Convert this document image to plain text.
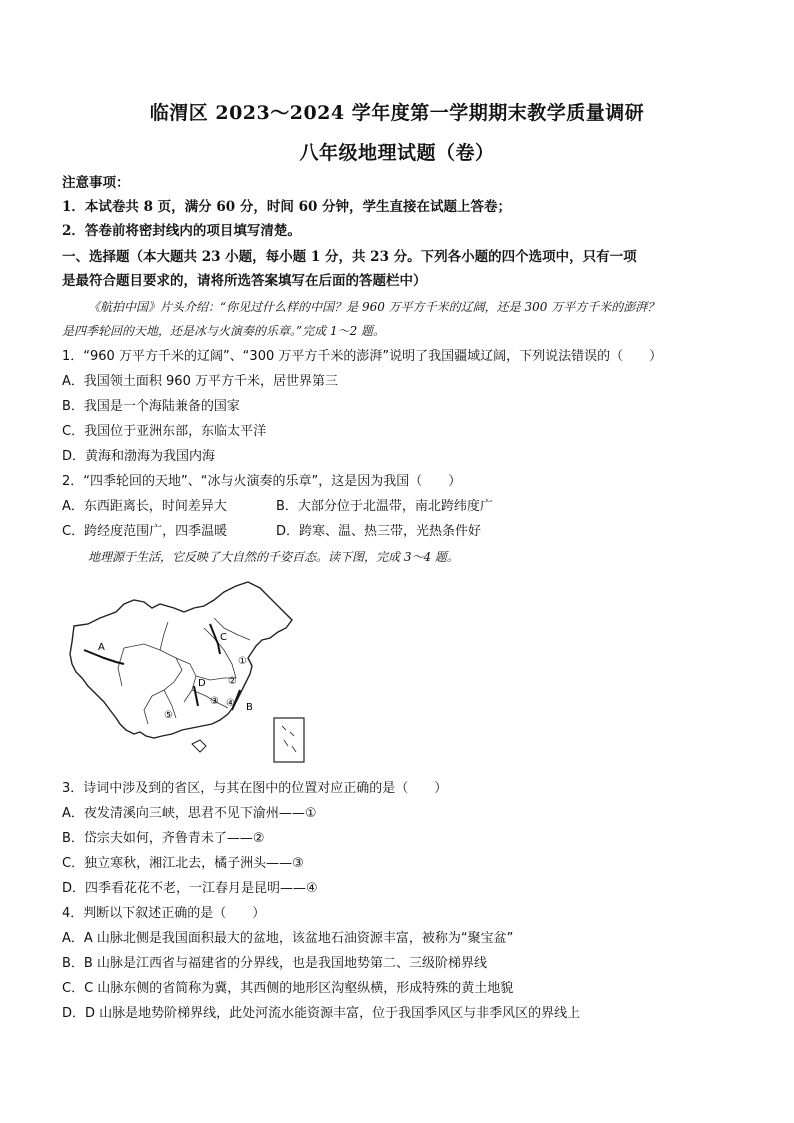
临渭区 2023～2024 学年度第一学期期末教学质量调研
八年级地理试题（卷）
注意事项：
1．本试卷共 8 页，满分 60 分，时间 60 分钟，学生直接在试题上答卷；
2．答卷前将密封线内的项目填写清楚。
一、选择题（本大题共 23 小题，每小题 1 分，共 23 分。下列各小题的四个选项中，只有一项
是最符合题目要求的，请将所选答案填写在后面的答题栏中）
《航拍中国》片头介绍：“你见过什么样的中国？是 960 万平方千米的辽阔，还是 300 万平方千米的澎湃？
是四季轮回的天地，还是冰与火演奏的乐章。”完成 1～2 题。
1．“960 万平方千米的辽阔”、“300 万平方千米的澎湃”说明了我国疆域辽阔，下列说法错误的（　　）
A．我国领土面积 960 万平方千米，居世界第三
B．我国是一个海陆兼备的国家
C．我国位于亚洲东部，东临太平洋
D．黄海和渤海为我国内海
2．“四季轮回的天地”、“冰与火演奏的乐章”，这是因为我国（　　）
A．东西距离长，时间差异大	B．大部分位于北温带，南北跨纬度广
C．跨经度范围广，四季温暖	D．跨寒、温、热三带，光热条件好
地理源于生活，它反映了大自然的千姿百态。读下图，完成 3～4 题。
A
B
C
D
①
②
③ ④
⑤
3．诗词中涉及到的省区，与其在图中的位置对应正确的是（　　）
A．夜发清溪向三峡，思君不见下渝州——①
B．岱宗夫如何，齐鲁青未了——②
C．独立寒秋，湘江北去，橘子洲头——③
D．四季看花花不老，一江春月是昆明——④
4．判断以下叙述正确的是（　　）
A．A 山脉北侧是我国面积最大的盆地，该盆地石油资源丰富，被称为“聚宝盆”
B．B 山脉是江西省与福建省的分界线，也是我国地势第二、三级阶梯界线
C．C 山脉东侧的省简称为冀，其西侧的地形区沟壑纵横，形成特殊的黄土地貌
D．D 山脉是地势阶梯界线，此处河流水能资源丰富，位于我国季风区与非季风区的界线上
